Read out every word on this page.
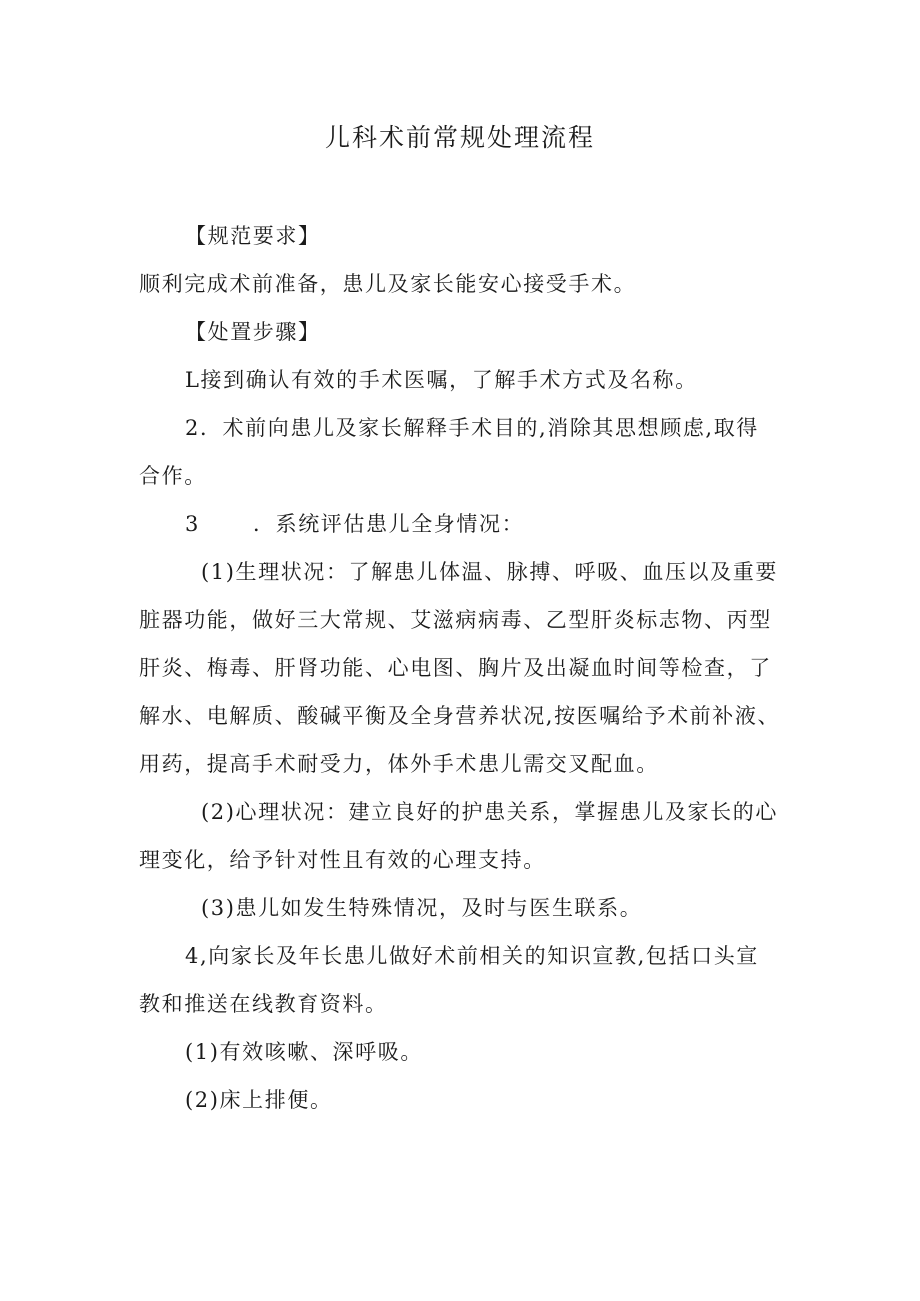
儿科术前常规处理流程

【规范要求】

顺利完成术前准备，患儿及家长能安心接受手术。

【处置步骤】

L接到确认有效的手术医嘱，了解手术方式及名称。

2．术前向患儿及家长解释手术目的,消除其思想顾虑,取得

合作。

3	．系统评估患儿全身情况：

(1)生理状况：了解患儿体温、脉搏、呼吸、血压以及重要

脏器功能，做好三大常规、艾滋病病毒、乙型肝炎标志物、丙型

肝炎、梅毒、肝肾功能、心电图、胸片及出凝血时间等检查，了

解水、电解质、酸碱平衡及全身营养状况,按医嘱给予术前补液、

用药，提高手术耐受力，体外手术患儿需交叉配血。

(2)心理状况：建立良好的护患关系，掌握患儿及家长的心

理变化，给予针对性且有效的心理支持。

(3)患儿如发生特殊情况，及时与医生联系。

4,向家长及年长患儿做好术前相关的知识宣教,包括口头宣

教和推送在线教育资料。

(1)有效咳嗽、深呼吸。

(2)床上排便。
